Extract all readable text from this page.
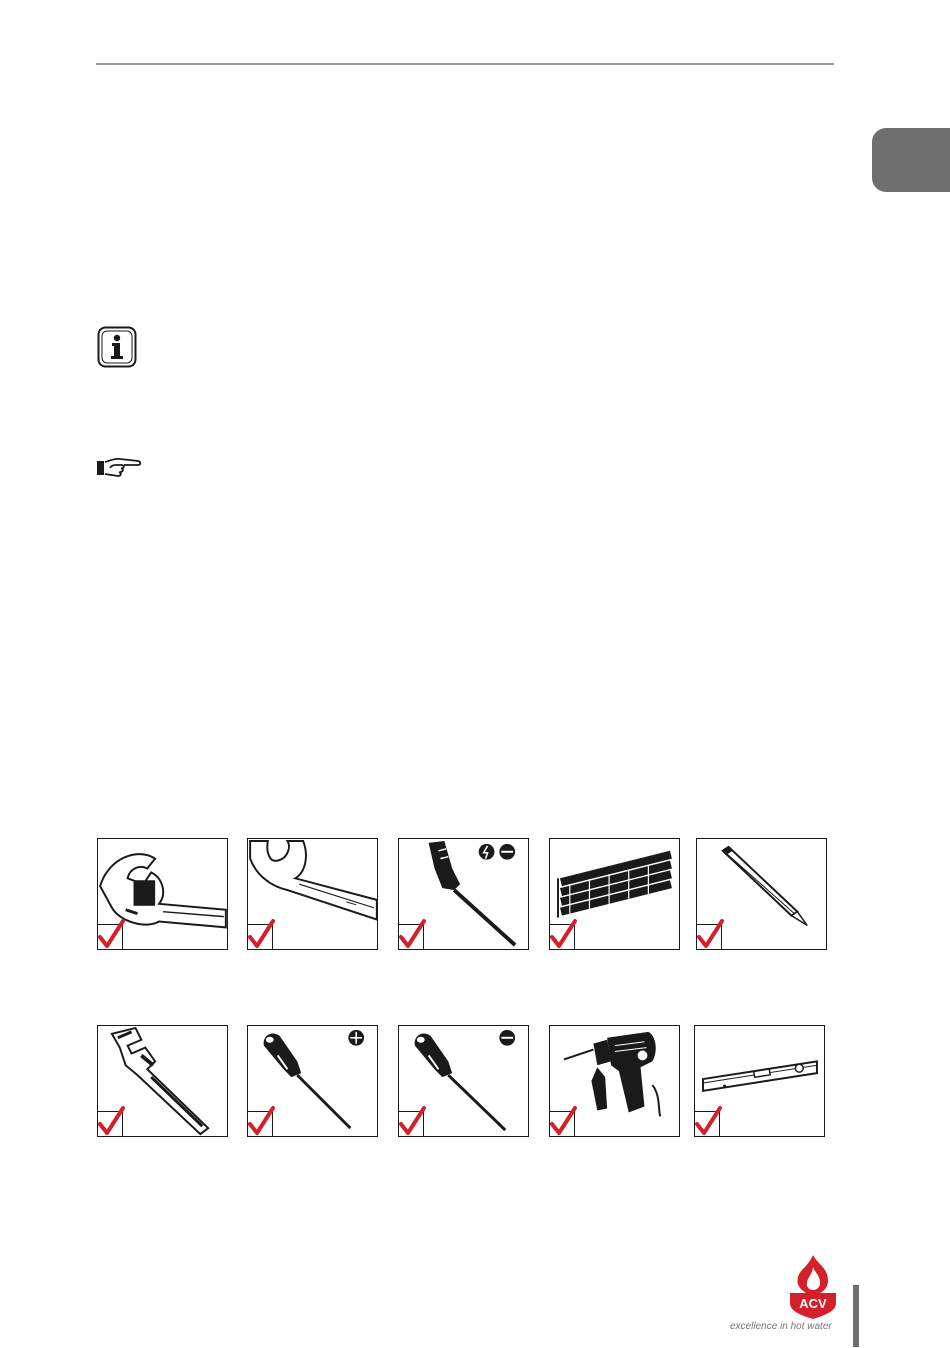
ACV
excellence in hot water
